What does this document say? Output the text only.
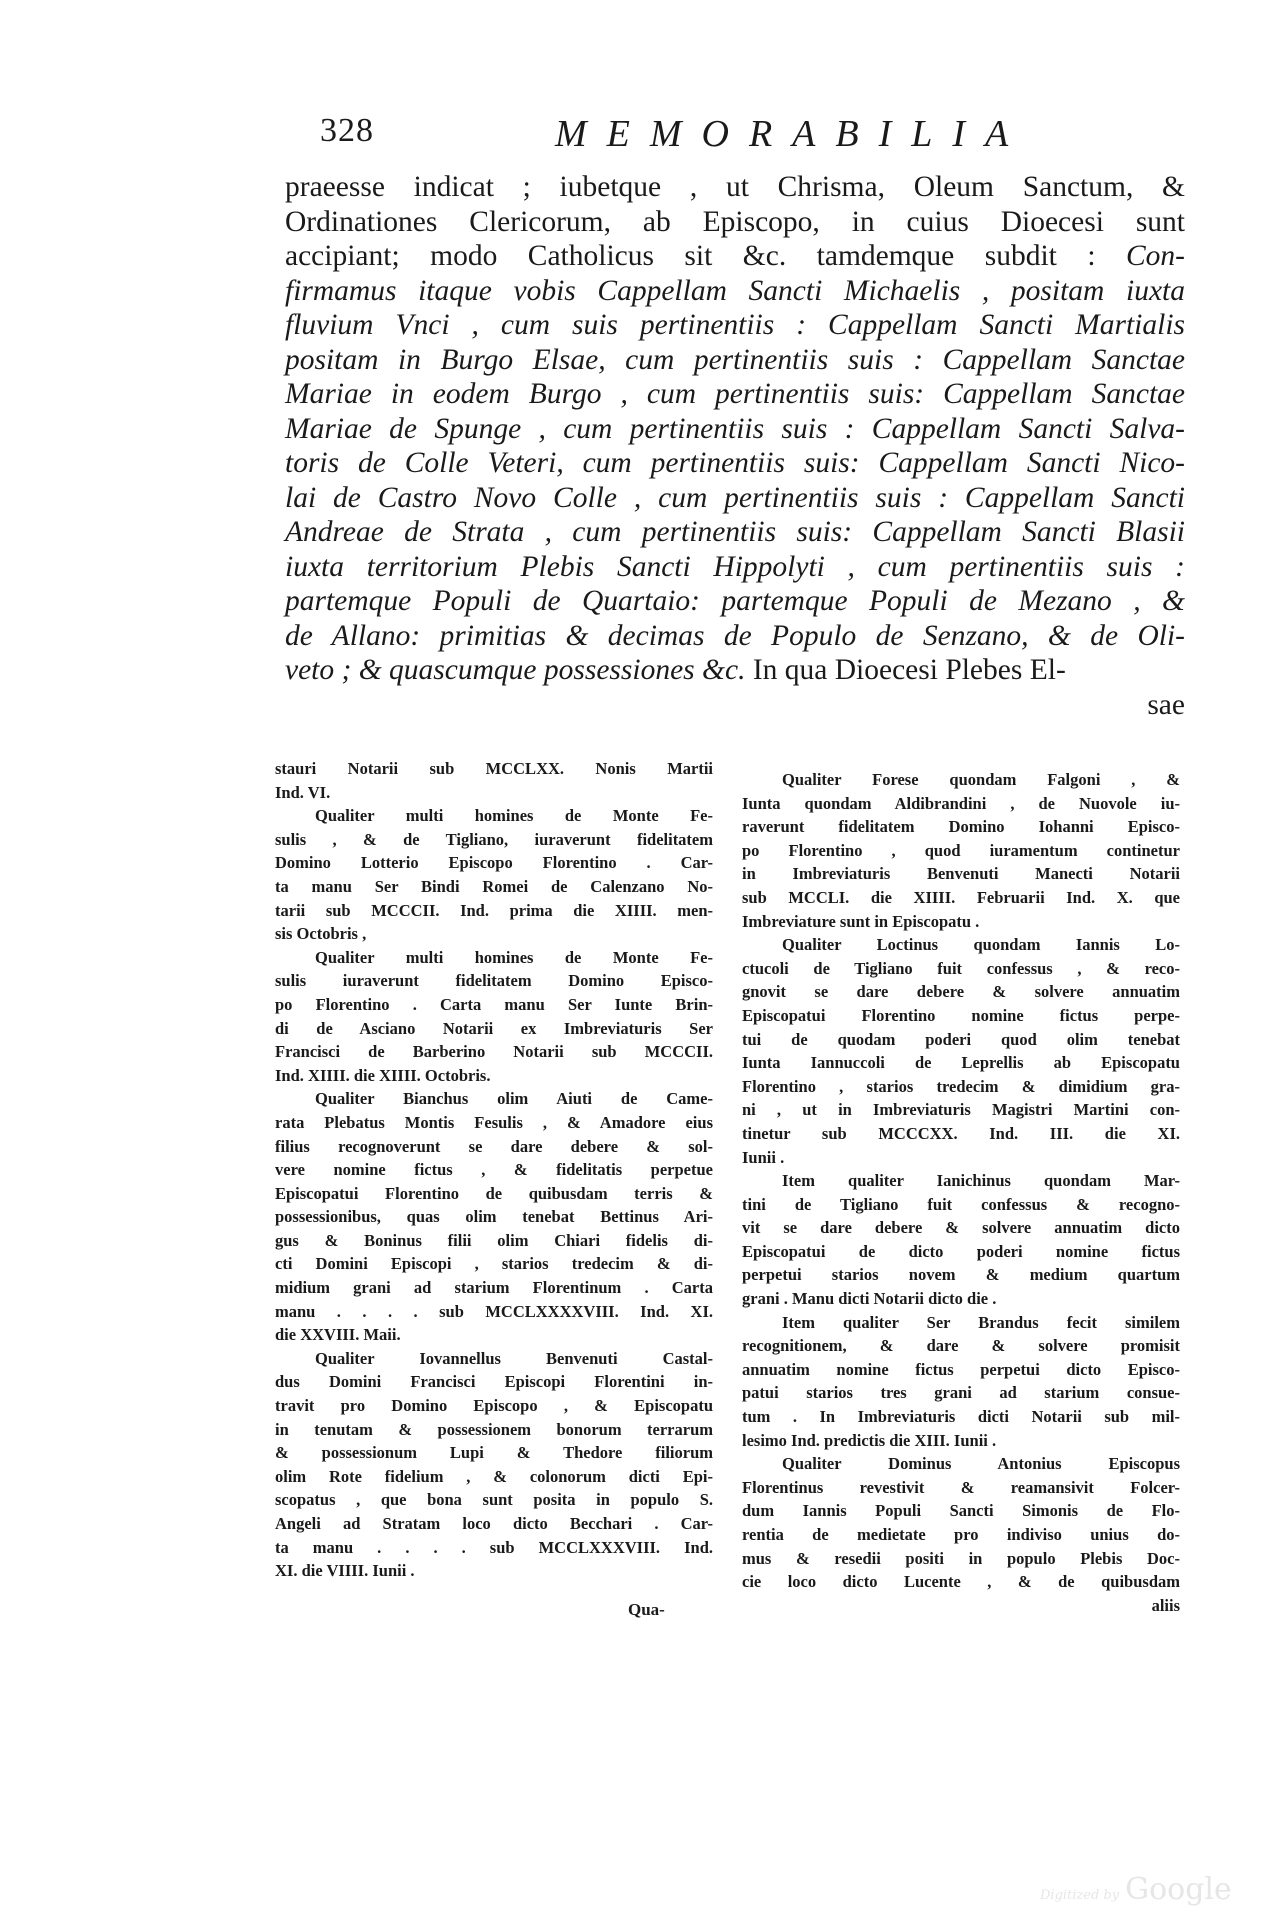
328	MEMORABILIA
praeesse indicat ; iubetque , ut Chrisma, Oleum Sanctum, &
Ordinationes Clericorum, ab Episcopo, in cuius Dioecesi sunt
accipiant; modo Catholicus sit &c. tamdemque subdit : Con-
firmamus itaque vobis Cappellam Sancti Michaelis , positam iuxta
fluvium Vnci , cum suis pertinentiis : Cappellam Sancti Martialis
positam in Burgo Elsae, cum pertinentiis suis : Cappellam Sanctae
Mariae in eodem Burgo , cum pertinentiis suis: Cappellam Sanctae
Mariae de Spunge , cum pertinentiis suis : Cappellam Sancti Salva-
toris de Colle Veteri, cum pertinentiis suis: Cappellam Sancti Nico-
lai de Castro Novo Colle , cum pertinentiis suis : Cappellam Sancti
Andreae de Strata , cum pertinentiis suis: Cappellam Sancti Blasii
iuxta territorium Plebis Sancti Hippolyti , cum pertinentiis suis :
partemque Populi de Quartaio: partemque Populi de Mezano , &
de Allano: primitias & decimas de Populo de Senzano, & de Oli-
veto ; & quascumque possessiones &c. In qua Dioecesi Plebes El-
sae
stauri Notarii sub MCCLXX. Nonis Martii
Ind. VI.
Qualiter multi homines de Monte Fe-
sulis , & de Tigliano, iuraverunt fidelitatem
Domino Lotterio Episcopo Florentino . Car-
ta manu Ser Bindi Romei de Calenzano No-
tarii sub MCCCII. Ind. prima die XIIII. men-
sis Octobris ,
Qualiter multi homines de Monte Fe-
sulis iuraverunt fidelitatem Domino Episco-
po Florentino . Carta manu Ser Iunte Brin-
di de Asciano Notarii ex Imbreviaturis Ser
Francisci de Barberino Notarii sub MCCCII.
Ind. XIIII. die XIIII. Octobris.
Qualiter Bianchus olim Aiuti de Came-
rata Plebatus Montis Fesulis , & Amadore eius
filius recognoverunt se dare debere & sol-
vere nomine fictus , & fidelitatis perpetue
Episcopatui Florentino de quibusdam terris &
possessionibus, quas olim tenebat Bettinus Ari-
gus & Boninus filii olim Chiari fidelis di-
cti Domini Episcopi , starios tredecim & di-
midium grani ad starium Florentinum . Carta
manu . . . . sub MCCLXXXXVIII. Ind. XI.
die XXVIII. Maii.
Qualiter Iovannellus Benvenuti Castal-
dus Domini Francisci Episcopi Florentini in-
travit pro Domino Episcopo , & Episcopatu
in tenutam & possessionem bonorum terrarum
& possessionum Lupi & Thedore filiorum
olim Rote fidelium , & colonorum dicti Epi-
scopatus , que bona sunt posita in populo S.
Angeli ad Stratam loco dicto Becchari . Car-
ta manu . . . . sub MCCLXXXVIII. Ind.
XI. die VIIII. Iunii .
Qua-
Qualiter Forese quondam Falgoni , &
Iunta quondam Aldibrandini , de Nuovole iu-
raverunt fidelitatem Domino Iohanni Episco-
po Florentino , quod iuramentum continetur
in Imbreviaturis Benvenuti Manecti Notarii
sub MCCLI. die XIIII. Februarii Ind. X. que
Imbreviature sunt in Episcopatu .
Qualiter Loctinus quondam Iannis Lo-
ctucoli de Tigliano fuit confessus , & reco-
gnovit se dare debere & solvere annuatim
Episcopatui Florentino nomine fictus perpe-
tui de quodam poderi quod olim tenebat
Iunta Iannuccoli de Leprellis ab Episcopatu
Florentino , starios tredecim & dimidium gra-
ni , ut in Imbreviaturis Magistri Martini con-
tinetur sub MCCCXX. Ind. III. die XI.
Iunii .
Item qualiter Ianichinus quondam Mar-
tini de Tigliano fuit confessus & recogno-
vit se dare debere & solvere annuatim dicto
Episcopatui de dicto poderi nomine fictus
perpetui starios novem & medium quartum
grani . Manu dicti Notarii dicto die .
Item qualiter Ser Brandus fecit similem
recognitionem, & dare & solvere promisit
annuatim nomine fictus perpetui dicto Episco-
patui starios tres grani ad starium consue-
tum . In Imbreviaturis dicti Notarii sub mil-
lesimo Ind. predictis die XIII. Iunii .
Qualiter Dominus Antonius Episcopus
Florentinus revestivit & reamansivit Folcer-
dum Iannis Populi Sancti Simonis de Flo-
rentia de medietate pro indiviso unius do-
mus & resedii positi in populo Plebis Doc-
cie loco dicto Lucente , & de quibusdam
aliis
Digitized by Google
